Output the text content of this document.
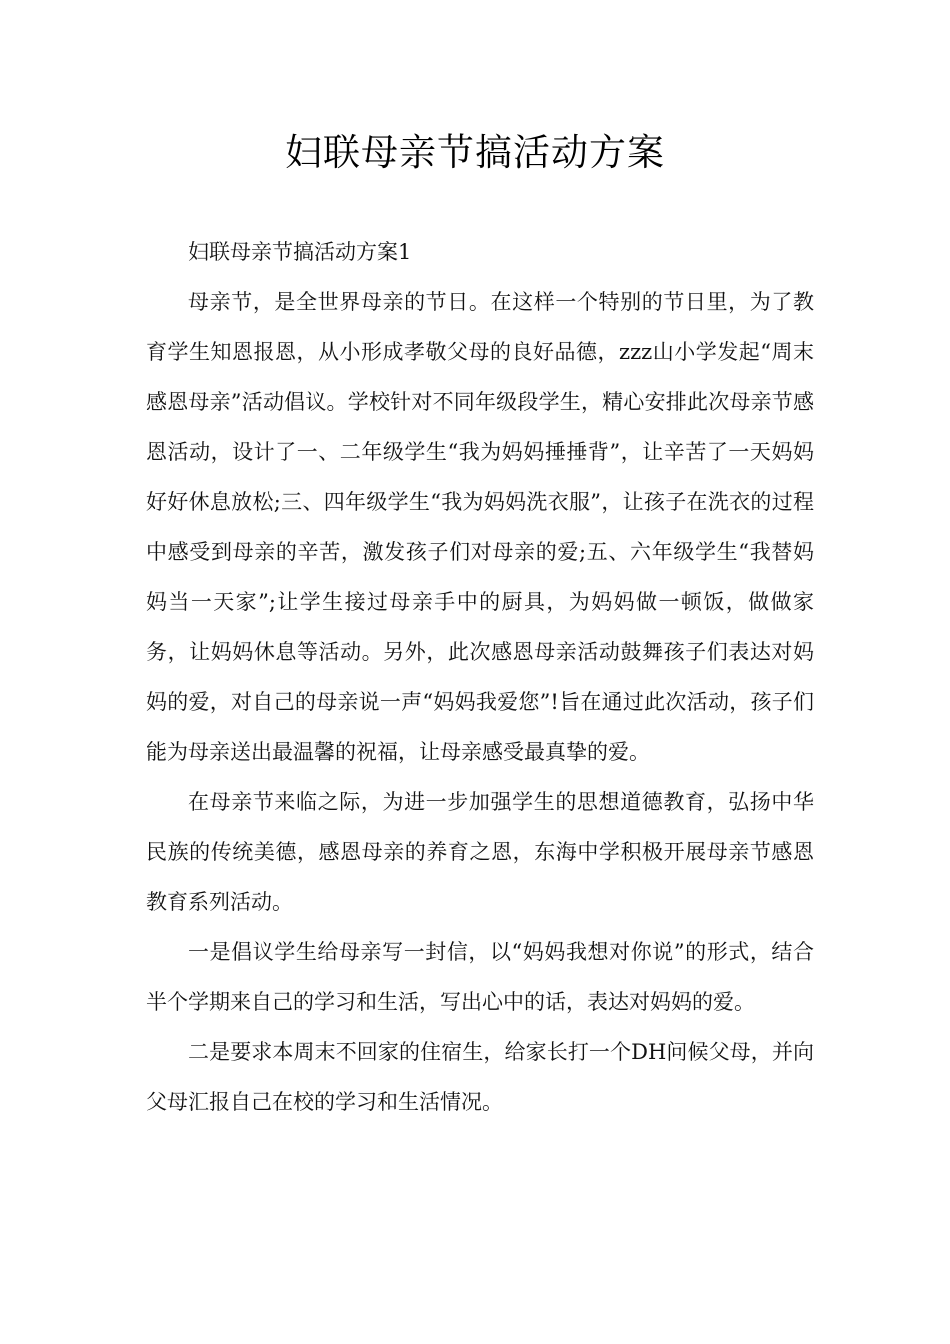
妇联母亲节搞活动方案

妇联母亲节搞活动方案1

母亲节，是全世界母亲的节日。在这样一个特别的节日里，为了教育学生知恩报恩，从小形成孝敬父母的良好品德，zzz山小学发起“周末感恩母亲”活动倡议。学校针对不同年级段学生，精心安排此次母亲节感恩活动，设计了一、二年级学生“我为妈妈捶捶背”，让辛苦了一天妈妈好好休息放松;三、四年级学生“我为妈妈洗衣服”，让孩子在洗衣的过程中感受到母亲的辛苦，激发孩子们对母亲的爱;五、六年级学生“我替妈妈当一天家”;让学生接过母亲手中的厨具，为妈妈做一顿饭，做做家务，让妈妈休息等活动。另外，此次感恩母亲活动鼓舞孩子们表达对妈妈的爱，对自己的母亲说一声“妈妈我爱您”!旨在通过此次活动，孩子们能为母亲送出最温馨的祝福，让母亲感受最真挚的爱。

在母亲节来临之际，为进一步加强学生的思想道德教育，弘扬中华民族的传统美德，感恩母亲的养育之恩，东海中学积极开展母亲节感恩教育系列活动。

一是倡议学生给母亲写一封信，以“妈妈我想对你说”的形式，结合半个学期来自己的学习和生活，写出心中的话，表达对妈妈的爱。

二是要求本周末不回家的住宿生，给家长打一个DH问候父母，并向父母汇报自己在校的学习和生活情况。
